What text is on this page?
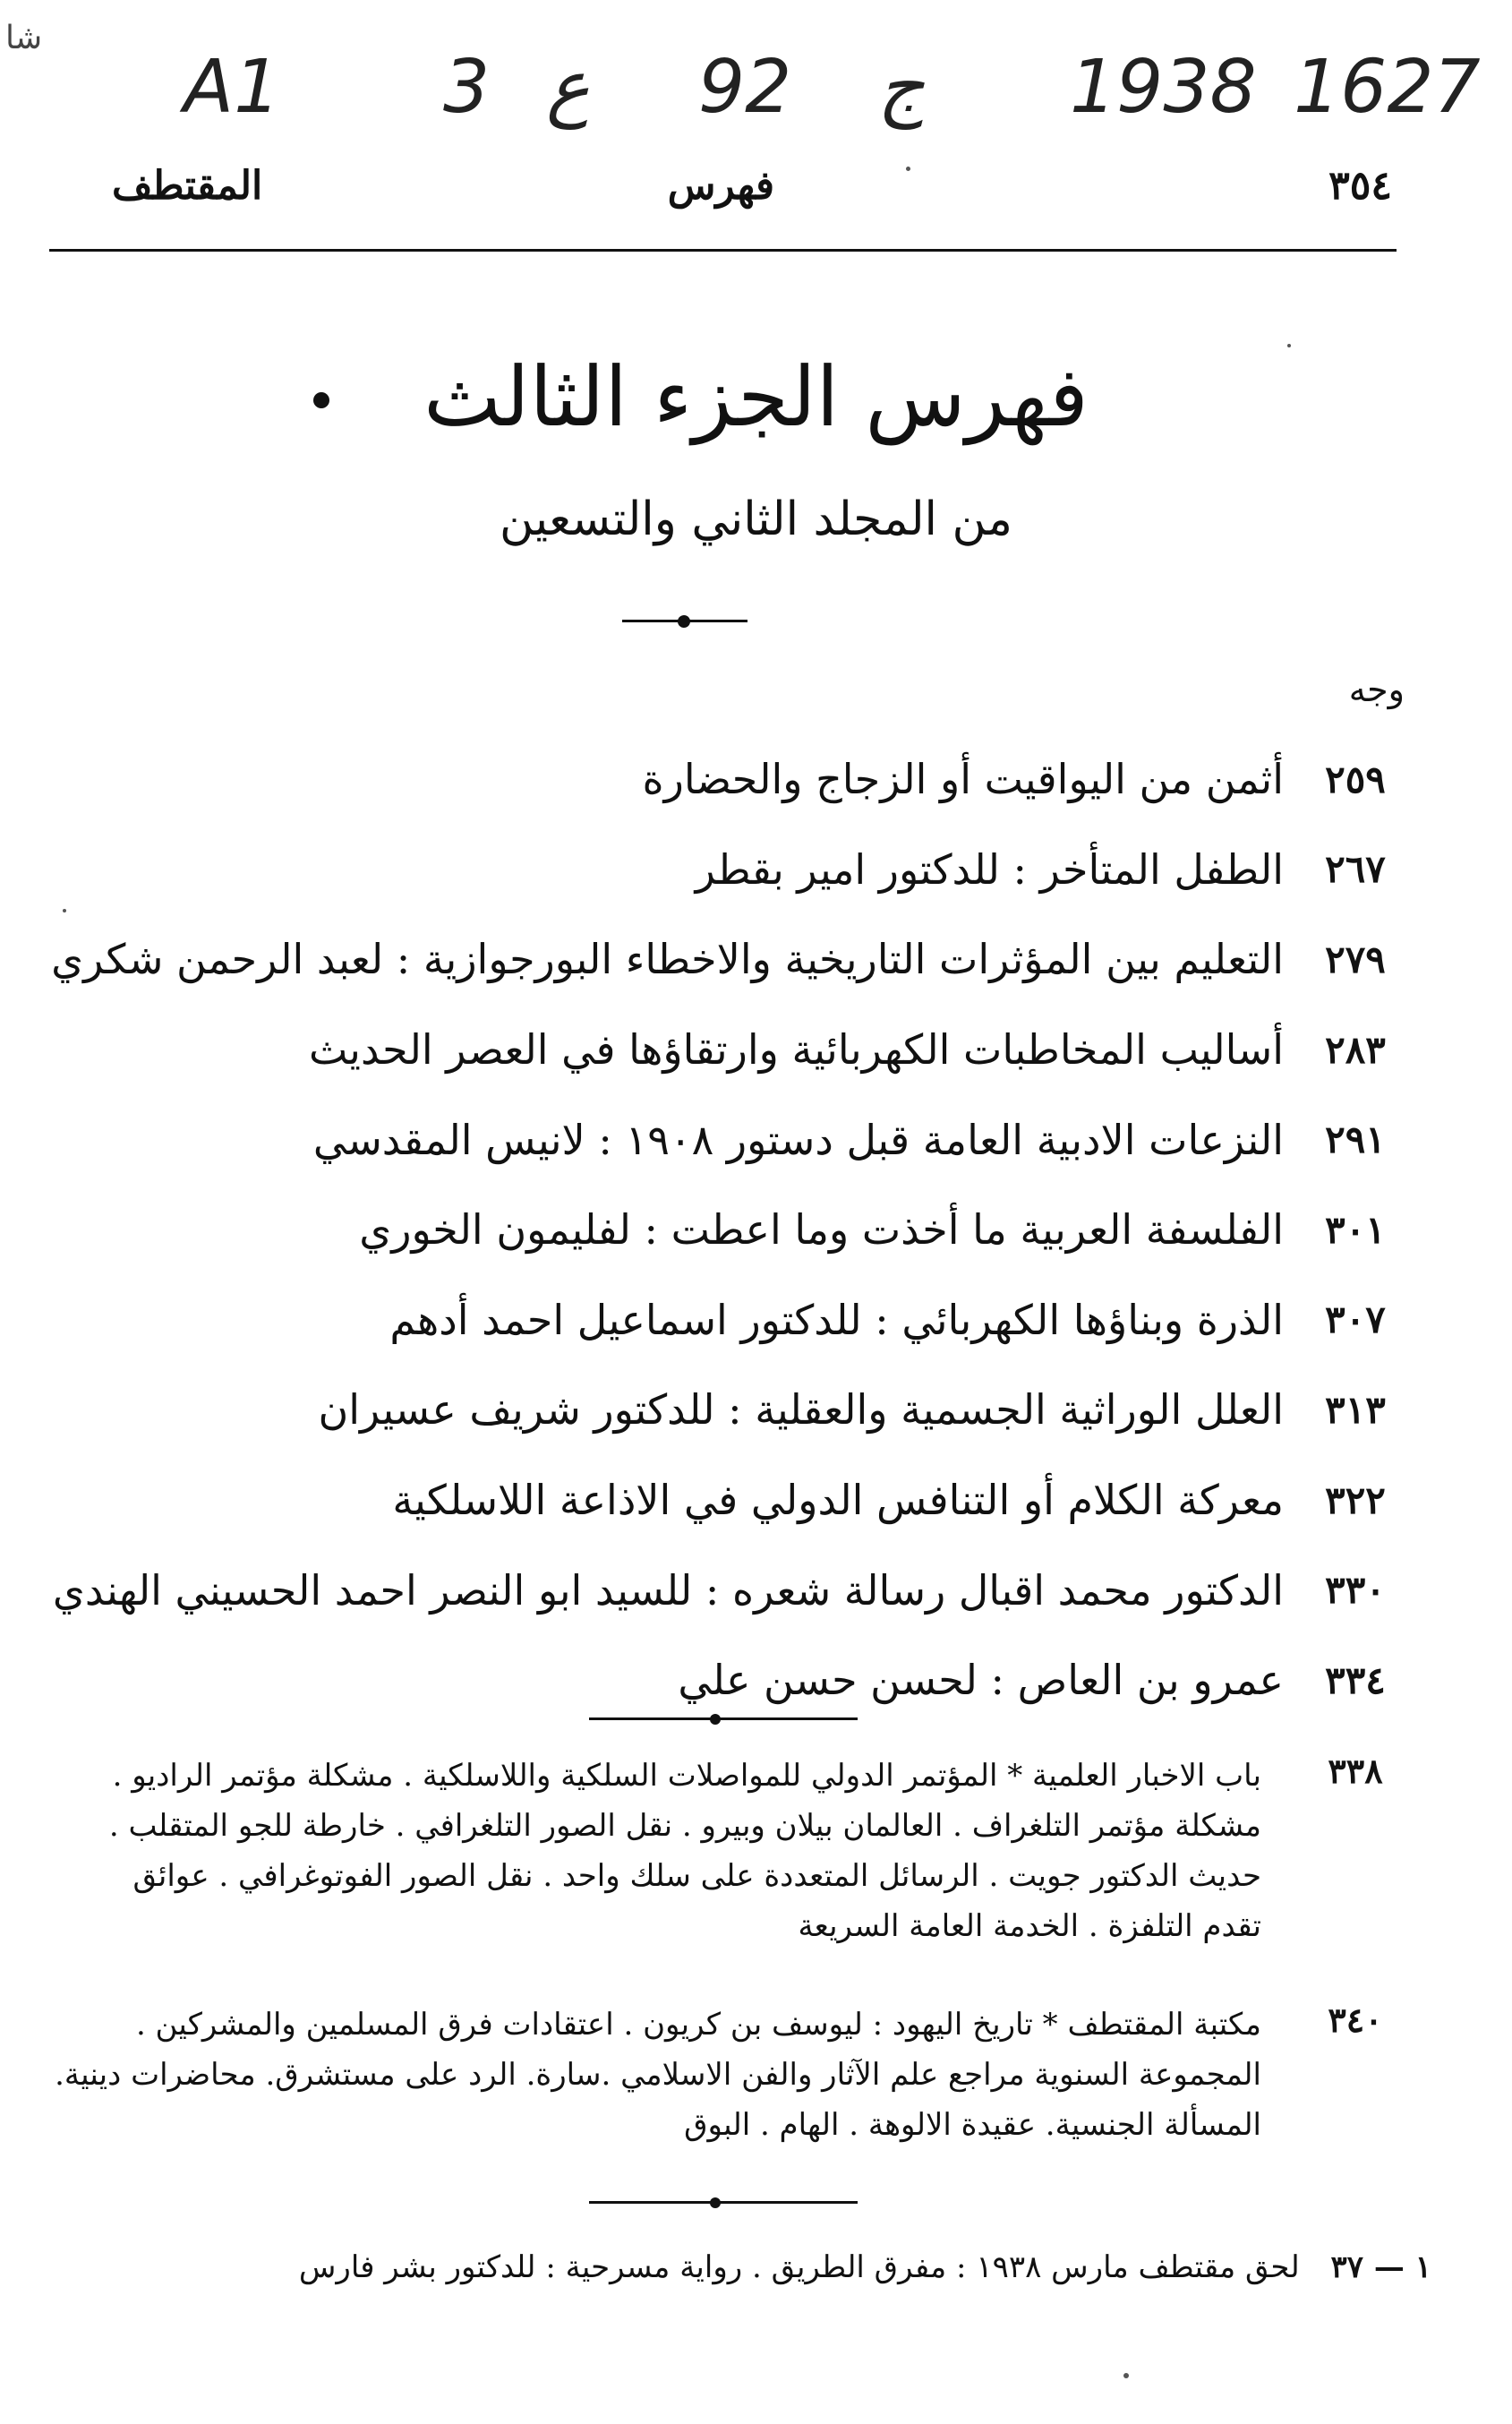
A1 3 ع 92 ج 1938 1627
شا
٣٥٤
فهرس
المقتطف
فهرس الجزء الثالث
من المجلد الثاني والتسعين
وجه
٢٥٩
أثمن من اليواقيت أو الزجاج والحضارة
٢٦٧
الطفل المتأخر : للدكتور امير بقطر
٢٧٩
التعليم بين المؤثرات التاريخية والاخطاء البورجوازية : لعبد الرحمن شكري
٢٨٣
أساليب المخاطبات الكهربائية وارتقاؤها في العصر الحديث
٢٩١
النزعات الادبية العامة قبل دستور ١٩٠٨ : لانيس المقدسي
٣٠١
الفلسفة العربية ما أخذت وما اعطت : لفليمون الخوري
٣٠٧
الذرة وبناؤها الكهربائي : للدكتور اسماعيل احمد أدهم
٣١٣
العلل الوراثية الجسمية والعقلية : للدكتور شريف عسيران
٣٢٢
معركة الكلام أو التنافس الدولي في الاذاعة اللاسلكية
٣٣٠
الدكتور محمد اقبال رسالة شعره : للسيد ابو النصر احمد الحسيني الهندي
٣٣٤
عمرو بن العاص : لحسن حسن علي
٣٣٨
باب الاخبار العلمية * المؤتمر الدولي للمواصلات السلكية واللاسلكية . مشكلة مؤتمر الراديو .
مشكلة مؤتمر التلغراف . العالمان بيلان وبيرو . نقل الصور التلغرافي . خارطة للجو المتقلب .
حديث الدكتور جويت . الرسائل المتعددة على سلك واحد . نقل الصور الفوتوغرافي . عوائق
تقدم التلفزة . الخدمة العامة السريعة
٣٤٠
مكتبة المقتطف * تاريخ اليهود : ليوسف بن كريون . اعتقادات فرق المسلمين والمشركين .
المجموعة السنوية مراجع علم الآثار والفن الاسلامي .سارة. الرد على مستشرق. محاضرات دينية.
المسألة الجنسية. عقيدة الالوهة . الهام . البوق
١ — ٣٧ لحق مقتطف مارس ١٩٣٨ : مفرق الطريق . رواية مسرحية : للدكتور بشر فارس
